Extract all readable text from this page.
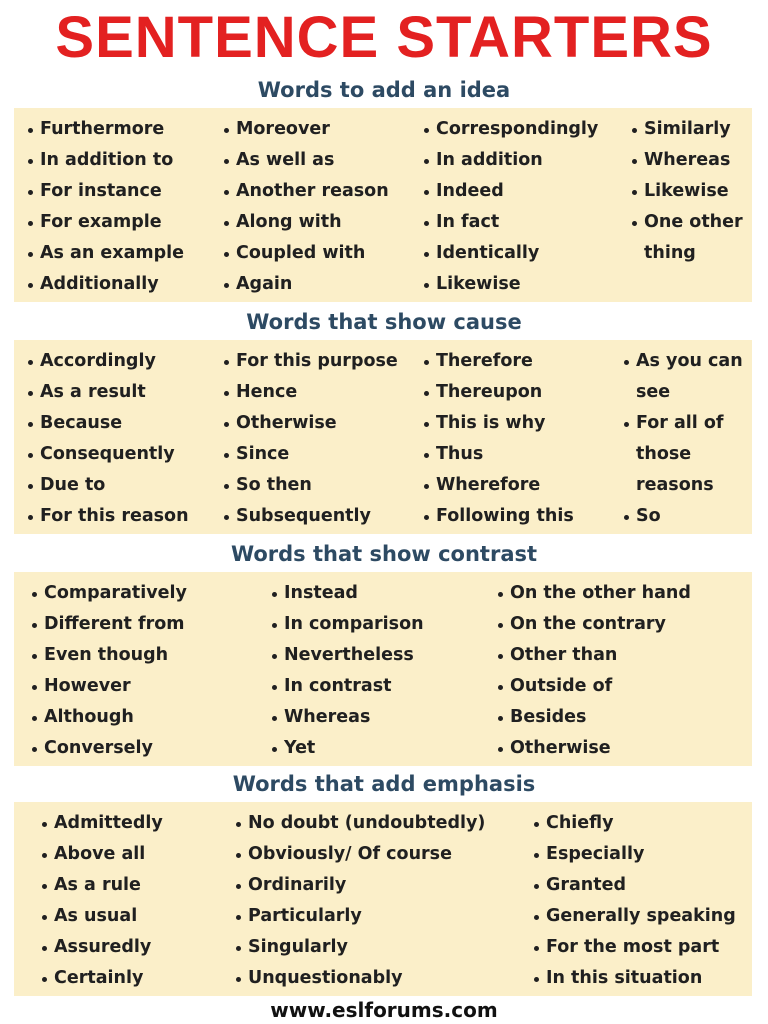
SENTENCE STARTERS
Words to add an idea
Furthermore
In addition to
For instance
For example
As an example
Additionally
Moreover
As well as
Another reason
Along with
Coupled with
Again
Correspondingly
In addition
Indeed
In fact
Identically
Likewise
Similarly
Whereas
Likewise
One other
thing
Words that show cause
Accordingly
As a result
Because
Consequently
Due to
For this reason
For this purpose
Hence
Otherwise
Since
So then
Subsequently
Therefore
Thereupon
This is why
Thus
Wherefore
Following this
As you can
see
For all of
those
reasons
So
Words that show contrast
Comparatively
Different from
Even though
However
Although
Conversely
Instead
In comparison
Nevertheless
In contrast
Whereas
Yet
On the other hand
On the contrary
Other than
Outside of
Besides
Otherwise
Words that add emphasis
Admittedly
Above all
As a rule
As usual
Assuredly
Certainly
No doubt (undoubtedly)
Obviously/ Of course
Ordinarily
Particularly
Singularly
Unquestionably
Chiefly
Especially
Granted
Generally speaking
For the most part
In this situation
www.eslforums.com
